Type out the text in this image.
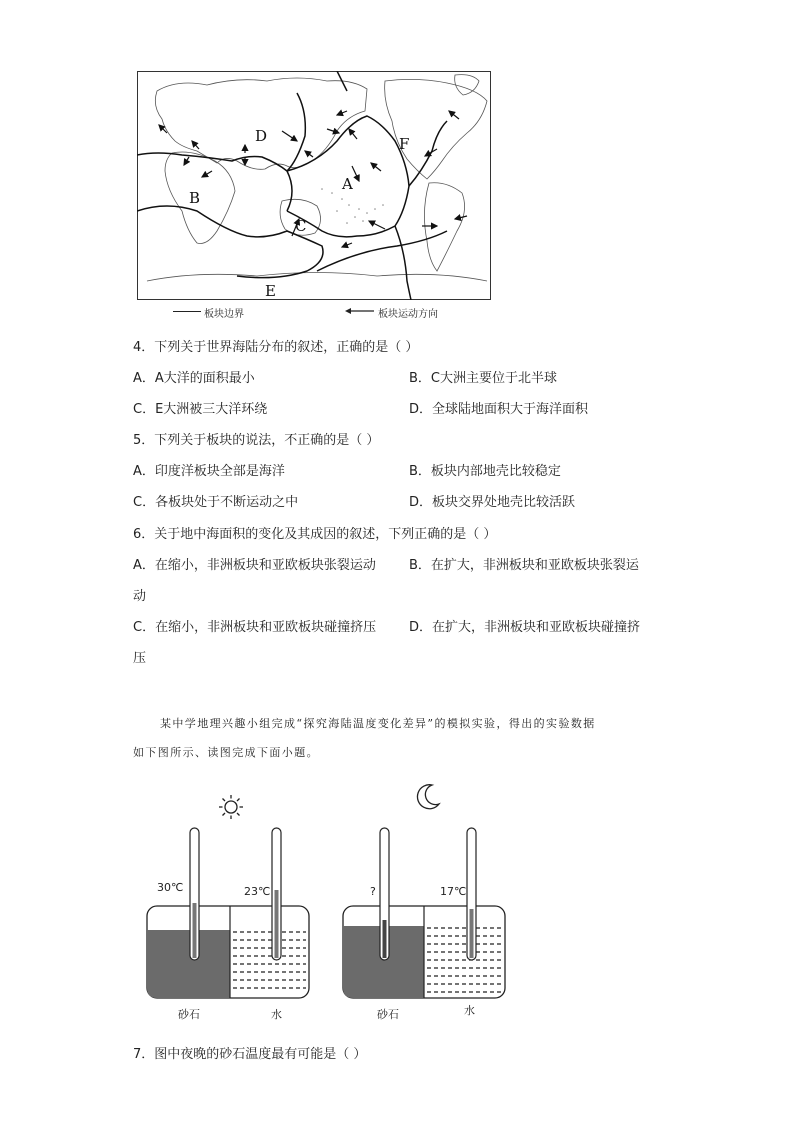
D	F
A
B
C
E
板块边界	板块运动方向
4．下列关于世界海陆分布的叙述，正确的是（ ）
A．A大洋的面积最小	B．C大洲主要位于北半球
C．E大洲被三大洋环绕	D．全球陆地面积大于海洋面积
5．下列关于板块的说法，不正确的是（ ）
A．印度洋板块全部是海洋	B．板块内部地壳比较稳定
C．各板块处于不断运动之中	D．板块交界处地壳比较活跃
6．关于地中海面积的变化及其成因的叙述，下列正确的是（ ）
A．在缩小，非洲板块和亚欧板块张裂运动	B．在扩大，非洲板块和亚欧板块张裂运
动
C．在缩小，非洲板块和亚欧板块碰撞挤压	D．在扩大，非洲板块和亚欧板块碰撞挤
压
某中学地理兴趣小组完成“探究海陆温度变化差异”的模拟实验，得出的实验数据
如下图所示、读图完成下面小题。
30℃	23℃
砂石	水
?	17℃
砂石	水
7．图中夜晚的砂石温度最有可能是（ ）
